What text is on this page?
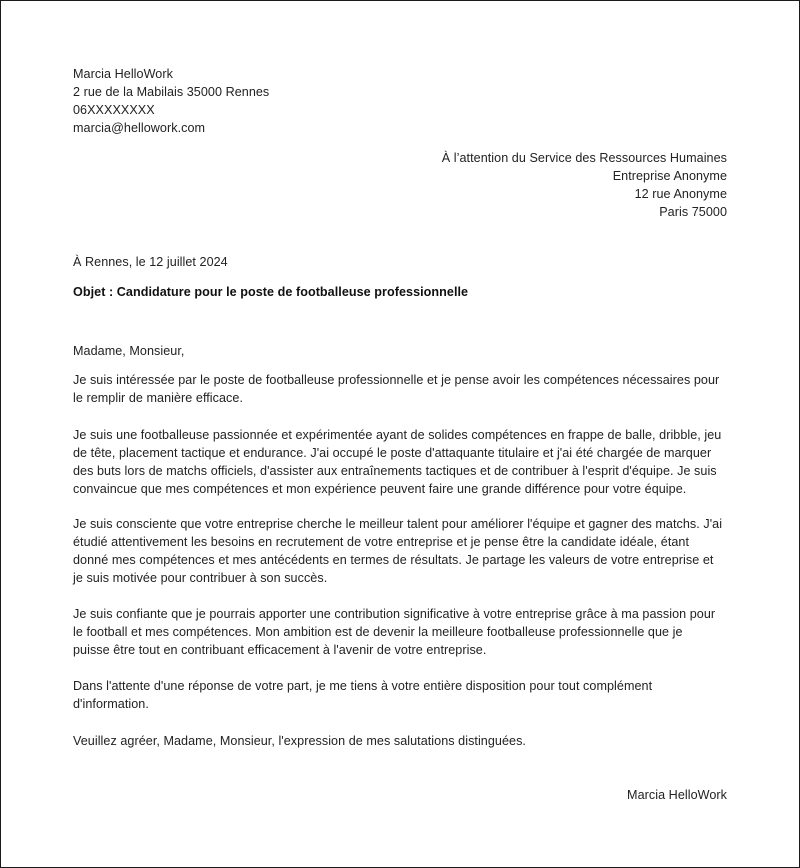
Marcia HelloWork
2 rue de la Mabilais 35000 Rennes
06XXXXXXXX
marcia@hellowork.com
À l’attention du Service des Ressources Humaines
Entreprise Anonyme
12 rue Anonyme
Paris 75000
À Rennes, le 12 juillet 2024
Objet : Candidature pour le poste de footballeuse professionnelle
Madame, Monsieur,

Je suis intéressée par le poste de footballeuse professionnelle et je pense avoir les compétences nécessaires pour
le remplir de manière efficace.

Je suis une footballeuse passionnée et expérimentée ayant de solides compétences en frappe de balle, dribble, jeu
de tête, placement tactique et endurance. J'ai occupé le poste d'attaquante titulaire et j'ai été chargée de marquer
des buts lors de matchs officiels, d'assister aux entraînements tactiques et de contribuer à l'esprit d'équipe. Je suis
convaincue que mes compétences et mon expérience peuvent faire une grande différence pour votre équipe.

Je suis consciente que votre entreprise cherche le meilleur talent pour améliorer l'équipe et gagner des matchs. J'ai
étudié attentivement les besoins en recrutement de votre entreprise et je pense être la candidate idéale, étant
donné mes compétences et mes antécédents en termes de résultats. Je partage les valeurs de votre entreprise et
je suis motivée pour contribuer à son succès.

Je suis confiante que je pourrais apporter une contribution significative à votre entreprise grâce à ma passion pour
le football et mes compétences. Mon ambition est de devenir la meilleure footballeuse professionnelle que je
puisse être tout en contribuant efficacement à l'avenir de votre entreprise.

Dans l'attente d'une réponse de votre part, je me tiens à votre entière disposition pour tout complément
d'information.

Veuillez agréer, Madame, Monsieur, l'expression de mes salutations distinguées.
Marcia HelloWork
